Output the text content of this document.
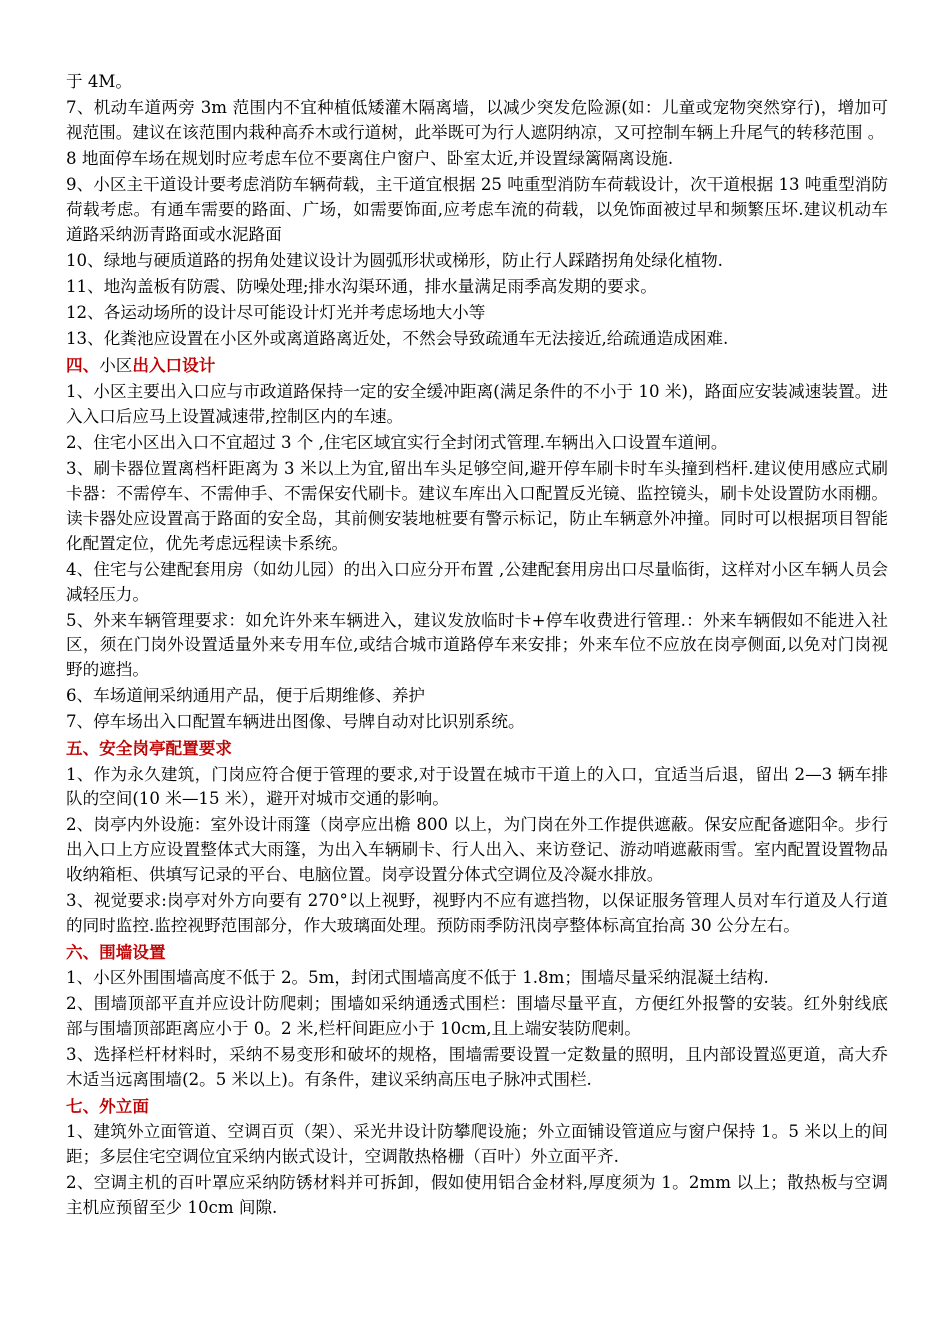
于 4M。

7、机动车道两旁 3m 范围内不宜种植低矮灌木隔离墙，以减少突发危险源(如：儿童或宠物突然穿行)，增加可视范围。建议在该范围内栽种高乔木或行道树，此举既可为行人遮阴纳凉，又可控制车辆上升尾气的转移范围 。

8 地面停车场在规划时应考虑车位不要离住户窗户、卧室太近,并设置绿篱隔离设施.

9、小区主干道设计要考虑消防车辆荷载，主干道宜根据 25 吨重型消防车荷载设计，次干道根据 13 吨重型消防荷载考虑。有通车需要的路面、广场，如需要饰面,应考虑车流的荷载，以免饰面被过早和频繁压坏.建议机动车道路采纳沥青路面或水泥路面

10、绿地与硬质道路的拐角处建议设计为圆弧形状或梯形，防止行人踩踏拐角处绿化植物.

11、地沟盖板有防震、防噪处理;排水沟渠环通，排水量满足雨季高发期的要求。

12、各运动场所的设计尽可能设计灯光并考虑场地大小等

13、化粪池应设置在小区外或离道路离近处，不然会导致疏通车无法接近,给疏通造成困难.

四、小区出入口设计

1、小区主要出入口应与市政道路保持一定的安全缓冲距离(满足条件的不小于 10 米)，路面应安装减速装置。进入入口后应马上设置减速带,控制区内的车速。

2、住宅小区出入口不宜超过 3 个 ,住宅区域宜实行全封闭式管理.车辆出入口设置车道闸。

3、刷卡器位置离档杆距离为 3 米以上为宜,留出车头足够空间,避开停车刷卡时车头撞到档杆.建议使用感应式刷卡器：不需停车、不需伸手、不需保安代刷卡。建议车库出入口配置反光镜、监控镜头，刷卡处设置防水雨棚。读卡器处应设置高于路面的安全岛，其前侧安装地桩要有警示标记，防止车辆意外冲撞。同时可以根据项目智能化配置定位，优先考虑远程读卡系统。

4、住宅与公建配套用房（如幼儿园）的出入口应分开布置 ,公建配套用房出口尽量临街，这样对小区车辆人员会减轻压力。

5、外来车辆管理要求：如允许外来车辆进入，建议发放临时卡+停车收费进行管理.：外来车辆假如不能进入社区，须在门岗外设置适量外来专用车位,或结合城市道路停车来安排；外来车位不应放在岗亭侧面,以免对门岗视野的遮挡。

6、车场道闸采纳通用产品，便于后期维修、养护

7、停车场出入口配置车辆进出图像、号牌自动对比识别系统。

五、安全岗亭配置要求

1、作为永久建筑，门岗应符合便于管理的要求,对于设置在城市干道上的入口，宜适当后退，留出 2—3 辆车排队的空间(10 米—15 米），避开对城市交通的影响。

2、岗亭内外设施：室外设计雨篷（岗亭应出檐 800 以上，为门岗在外工作提供遮蔽。保安应配备遮阳伞。步行出入口上方应设置整体式大雨篷，为出入车辆刷卡、行人出入、来访登记、游动哨遮蔽雨雪。室内配置设置物品收纳箱柜、供填写记录的平台、电脑位置。岗亭设置分体式空调位及冷凝水排放。

3、视觉要求:岗亭对外方向要有 270°以上视野，视野内不应有遮挡物，以保证服务管理人员对车行道及人行道的同时监控.监控视野范围部分，作大玻璃面处理。预防雨季防汛岗亭整体标高宜抬高 30 公分左右。

六、围墙设置

1、小区外围围墙高度不低于 2。5m，封闭式围墙高度不低于 1.8m；围墙尽量采纳混凝土结构.

2、围墙顶部平直并应设计防爬刺；围墙如采纳通透式围栏：围墙尽量平直，方便红外报警的安装。红外射线底部与围墙顶部距离应小于 0。2 米,栏杆间距应小于 10cm,且上端安装防爬刺。

3、选择栏杆材料时，采纳不易变形和破坏的规格，围墙需要设置一定数量的照明，且内部设置巡更道，高大乔木适当远离围墙(2。5 米以上)。有条件，建议采纳高压电子脉冲式围栏.

七、外立面

1、建筑外立面管道、空调百页（架）、采光井设计防攀爬设施；外立面铺设管道应与窗户保持 1。5 米以上的间距；多层住宅空调位宜采纳内嵌式设计，空调散热格栅（百叶）外立面平齐.

2、空调主机的百叶罩应采纳防锈材料并可拆卸，假如使用铝合金材料,厚度须为 1。2mm 以上；散热板与空调主机应预留至少 10cm 间隙.
